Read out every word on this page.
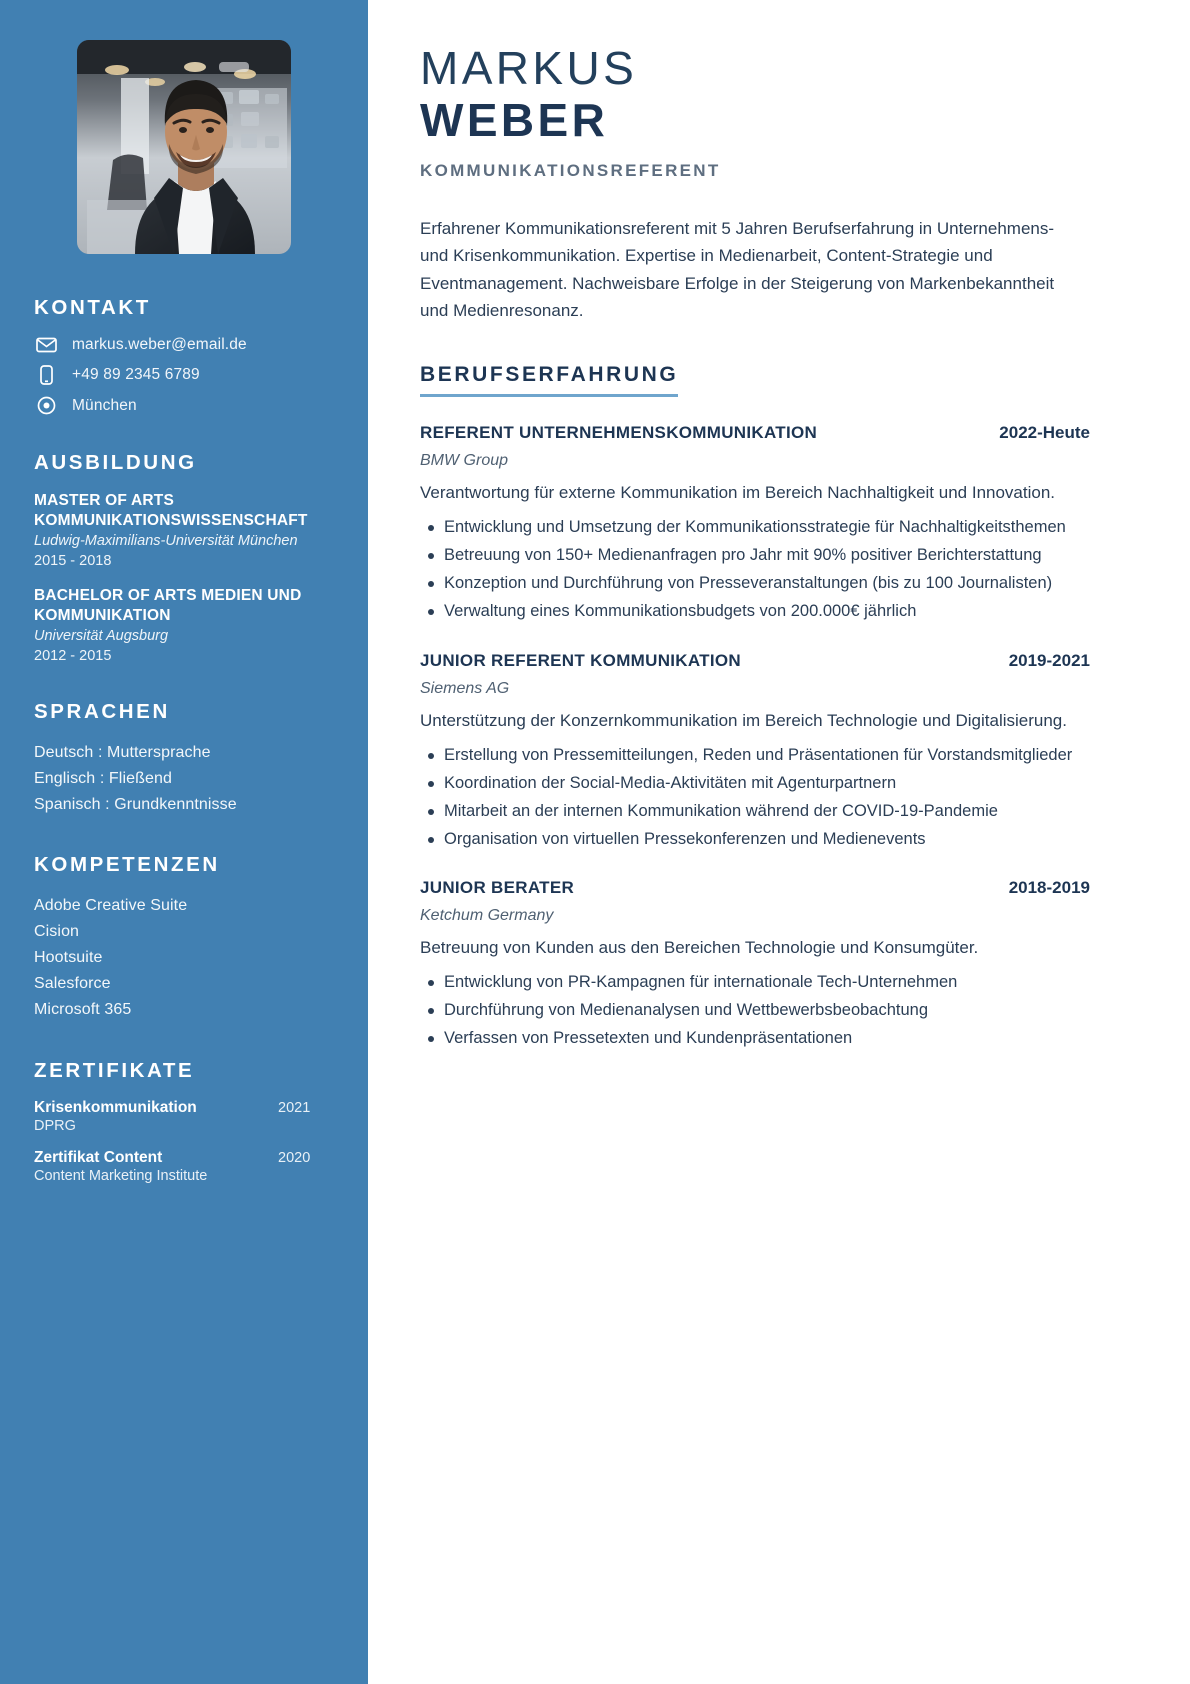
KONTAKT
markus.weber@email.de
+49 89 2345 6789
München
AUSBILDUNG
MASTER OF ARTS KOMMUNIKATIONSWISSENSCHAFT
Ludwig-Maximilians-Universität München
2015 - 2018
BACHELOR OF ARTS MEDIEN UND KOMMUNIKATION
Universität Augsburg
2012 - 2015
SPRACHEN
Deutsch : Muttersprache
Englisch : Fließend
Spanisch : Grundkenntnisse
KOMPETENZEN
Adobe Creative Suite
Cision
Hootsuite
Salesforce
Microsoft 365
ZERTIFIKATE
Krisenkommunikation	2021
DPRG
Zertifikat Content	2020
Content Marketing Institute
MARKUS
WEBER
KOMMUNIKATIONSREFERENT

Erfahrener Kommunikationsreferent mit 5 Jahren Berufserfahrung in Unternehmens- und Krisenkommunikation. Expertise in Medienarbeit, Content-Strategie und Eventmanagement. Nachweisbare Erfolge in der Steigerung von Markenbekanntheit und Medienresonanz.

BERUFSERFAHRUNG
REFERENT UNTERNEHMENSKOMMUNIKATION	2022-Heute
BMW Group
Verantwortung für externe Kommunikation im Bereich Nachhaltigkeit und Innovation.
Entwicklung und Umsetzung der Kommunikationsstrategie für Nachhaltigkeitsthemen
Betreuung von 150+ Medienanfragen pro Jahr mit 90% positiver Berichterstattung
Konzeption und Durchführung von Presseveranstaltungen (bis zu 100 Journalisten)
Verwaltung eines Kommunikationsbudgets von 200.000€ jährlich
JUNIOR REFERENT KOMMUNIKATION	2019-2021
Siemens AG
Unterstützung der Konzernkommunikation im Bereich Technologie und Digitalisierung.
Erstellung von Pressemitteilungen, Reden und Präsentationen für Vorstandsmitglieder
Koordination der Social-Media-Aktivitäten mit Agenturpartnern
Mitarbeit an der internen Kommunikation während der COVID-19-Pandemie
Organisation von virtuellen Pressekonferenzen und Medienevents
JUNIOR BERATER	2018-2019
Ketchum Germany
Betreuung von Kunden aus den Bereichen Technologie und Konsumgüter.
Entwicklung von PR-Kampagnen für internationale Tech-Unternehmen
Durchführung von Medienanalysen und Wettbewerbsbeobachtung
Verfassen von Pressetexten und Kundenpräsentationen
